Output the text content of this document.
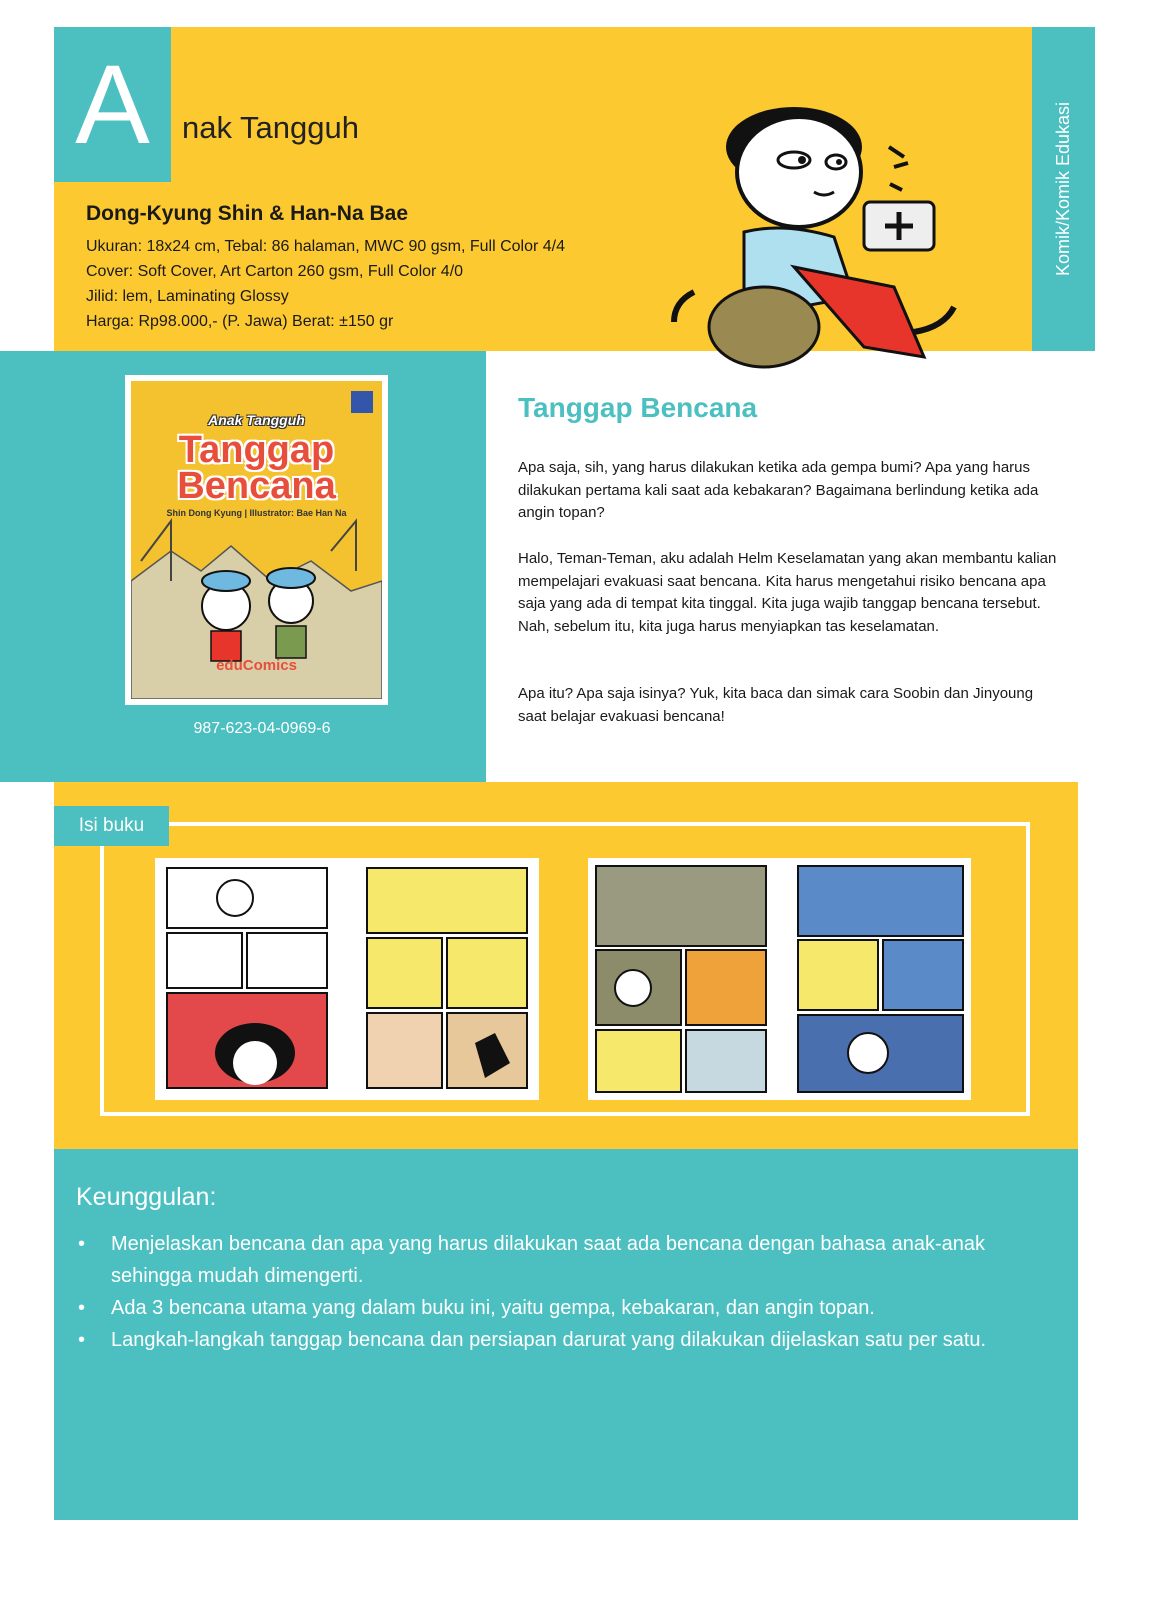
A	nak Tangguh	Komik/Komik Edukasi
Dong-Kyung Shin & Han-Na Bae
Ukuran: 18x24 cm, Tebal: 86 halaman, MWC 90 gsm, Full Color 4/4
Cover: Soft Cover, Art Carton 260 gsm, Full Color 4/0
Jilid: lem, Laminating Glossy
Harga: Rp98.000,- (P. Jawa) Berat: ±150 gr
Anak Tangguh
Tanggap
Bencana
Shin Dong Kyung | Illustrator: Bae Han Na
eduComics
987-623-04-0969-6
Tanggap Bencana
Apa saja, sih, yang harus dilakukan ketika ada gempa bumi? Apa yang harus dilakukan pertama kali saat ada kebakaran? Bagaimana berlindung ketika ada angin topan?
Halo, Teman-Teman, aku adalah Helm Keselamatan yang akan membantu kalian mempelajari evakuasi saat bencana. Kita harus mengetahui risiko bencana apa saja yang ada di tempat kita tinggal. Kita juga wajib tanggap bencana tersebut. Nah, sebelum itu, kita juga harus menyiapkan tas keselamatan.
Apa itu? Apa saja isinya? Yuk, kita baca dan simak cara Soobin dan Jinyoung saat belajar evakuasi bencana!
Isi buku
Keunggulan:
• Menjelaskan bencana dan apa yang harus dilakukan saat ada bencana dengan bahasa anak-anak sehingga mudah dimengerti.
• Ada 3 bencana utama yang dalam buku ini, yaitu gempa, kebakaran, dan angin topan.
• Langkah-langkah tanggap bencana dan persiapan darurat yang dilakukan dijelaskan satu per satu.
